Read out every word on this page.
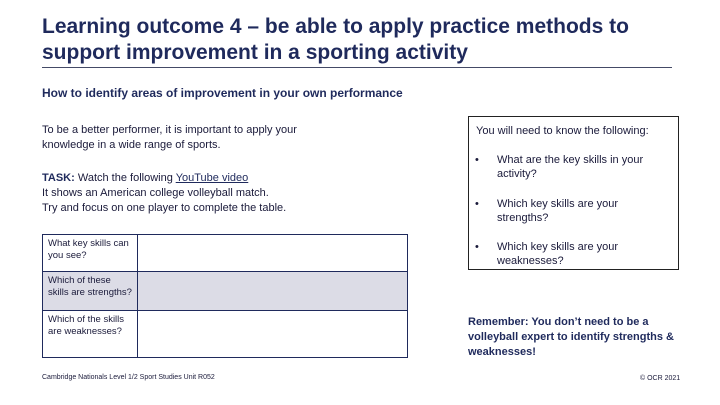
Learning outcome 4 – be able to apply practice methods to
support improvement in a sporting activity
How to identify areas of improvement in your own performance
To be a better performer, it is important to apply your knowledge in a wide range of sports.
TASK: Watch the following YouTube video
It shows an American college volleyball match.
Try and focus on one player to complete the table.
What key skills can you see?	
Which of these skills are strengths?	
Which of the skills are weaknesses?	
You will need to know the following:
• What are the key skills in your activity?
• Which key skills are your strengths?
• Which key skills are your weaknesses?
Remember: You don’t need to be a volleyball expert to identify strengths & weaknesses!
Cambridge Nationals Level 1/2 Sport Studies Unit R052	© OCR 2021
